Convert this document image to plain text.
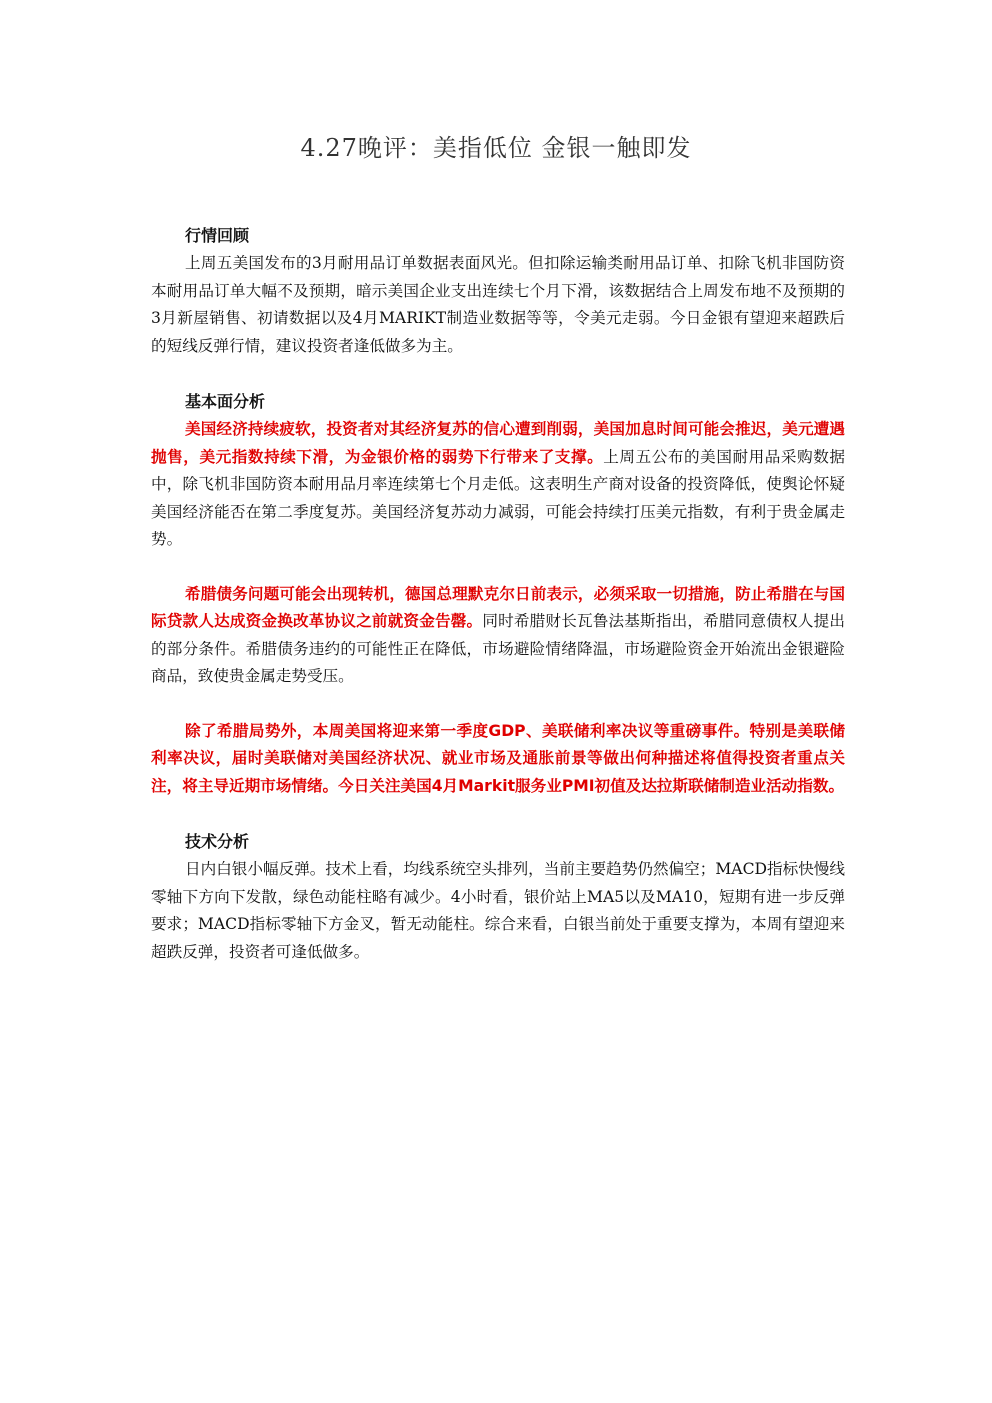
4.27晚评：美指低位 金银一触即发

行情回顾

上周五美国发布的3月耐用品订单数据表面风光。但扣除运输类耐用品订单、扣除飞机非国防资本耐用品订单大幅不及预期，暗示美国企业支出连续七个月下滑，该数据结合上周发布地不及预期的3月新屋销售、初请数据以及4月MARIKT制造业数据等等，令美元走弱。今日金银有望迎来超跌后的短线反弹行情，建议投资者逢低做多为主。

基本面分析

美国经济持续疲软，投资者对其经济复苏的信心遭到削弱，美国加息时间可能会推迟，美元遭遇抛售，美元指数持续下滑，为金银价格的弱势下行带来了支撑。上周五公布的美国耐用品采购数据中，除飞机非国防资本耐用品月率连续第七个月走低。这表明生产商对设备的投资降低，使舆论怀疑美国经济能否在第二季度复苏。美国经济复苏动力减弱，可能会持续打压美元指数，有利于贵金属走势。

希腊债务问题可能会出现转机，德国总理默克尔日前表示，必须采取一切措施，防止希腊在与国际贷款人达成资金换改革协议之前就资金告罄。同时希腊财长瓦鲁法基斯指出，希腊同意债权人提出的部分条件。希腊债务违约的可能性正在降低，市场避险情绪降温，市场避险资金开始流出金银避险商品，致使贵金属走势受压。

除了希腊局势外，本周美国将迎来第一季度GDP、美联储利率决议等重磅事件。特别是美联储利率决议，届时美联储对美国经济状况、就业市场及通胀前景等做出何种描述将值得投资者重点关注，将主导近期市场情绪。今日关注美国4月Markit服务业PMI初值及达拉斯联储制造业活动指数。

技术分析

日内白银小幅反弹。技术上看，均线系统空头排列，当前主要趋势仍然偏空；MACD指标快慢线零轴下方向下发散，绿色动能柱略有减少。4小时看，银价站上MA5以及MA10，短期有进一步反弹要求；MACD指标零轴下方金叉，暂无动能柱。综合来看，白银当前处于重要支撑为，本周有望迎来超跌反弹，投资者可逢低做多。
